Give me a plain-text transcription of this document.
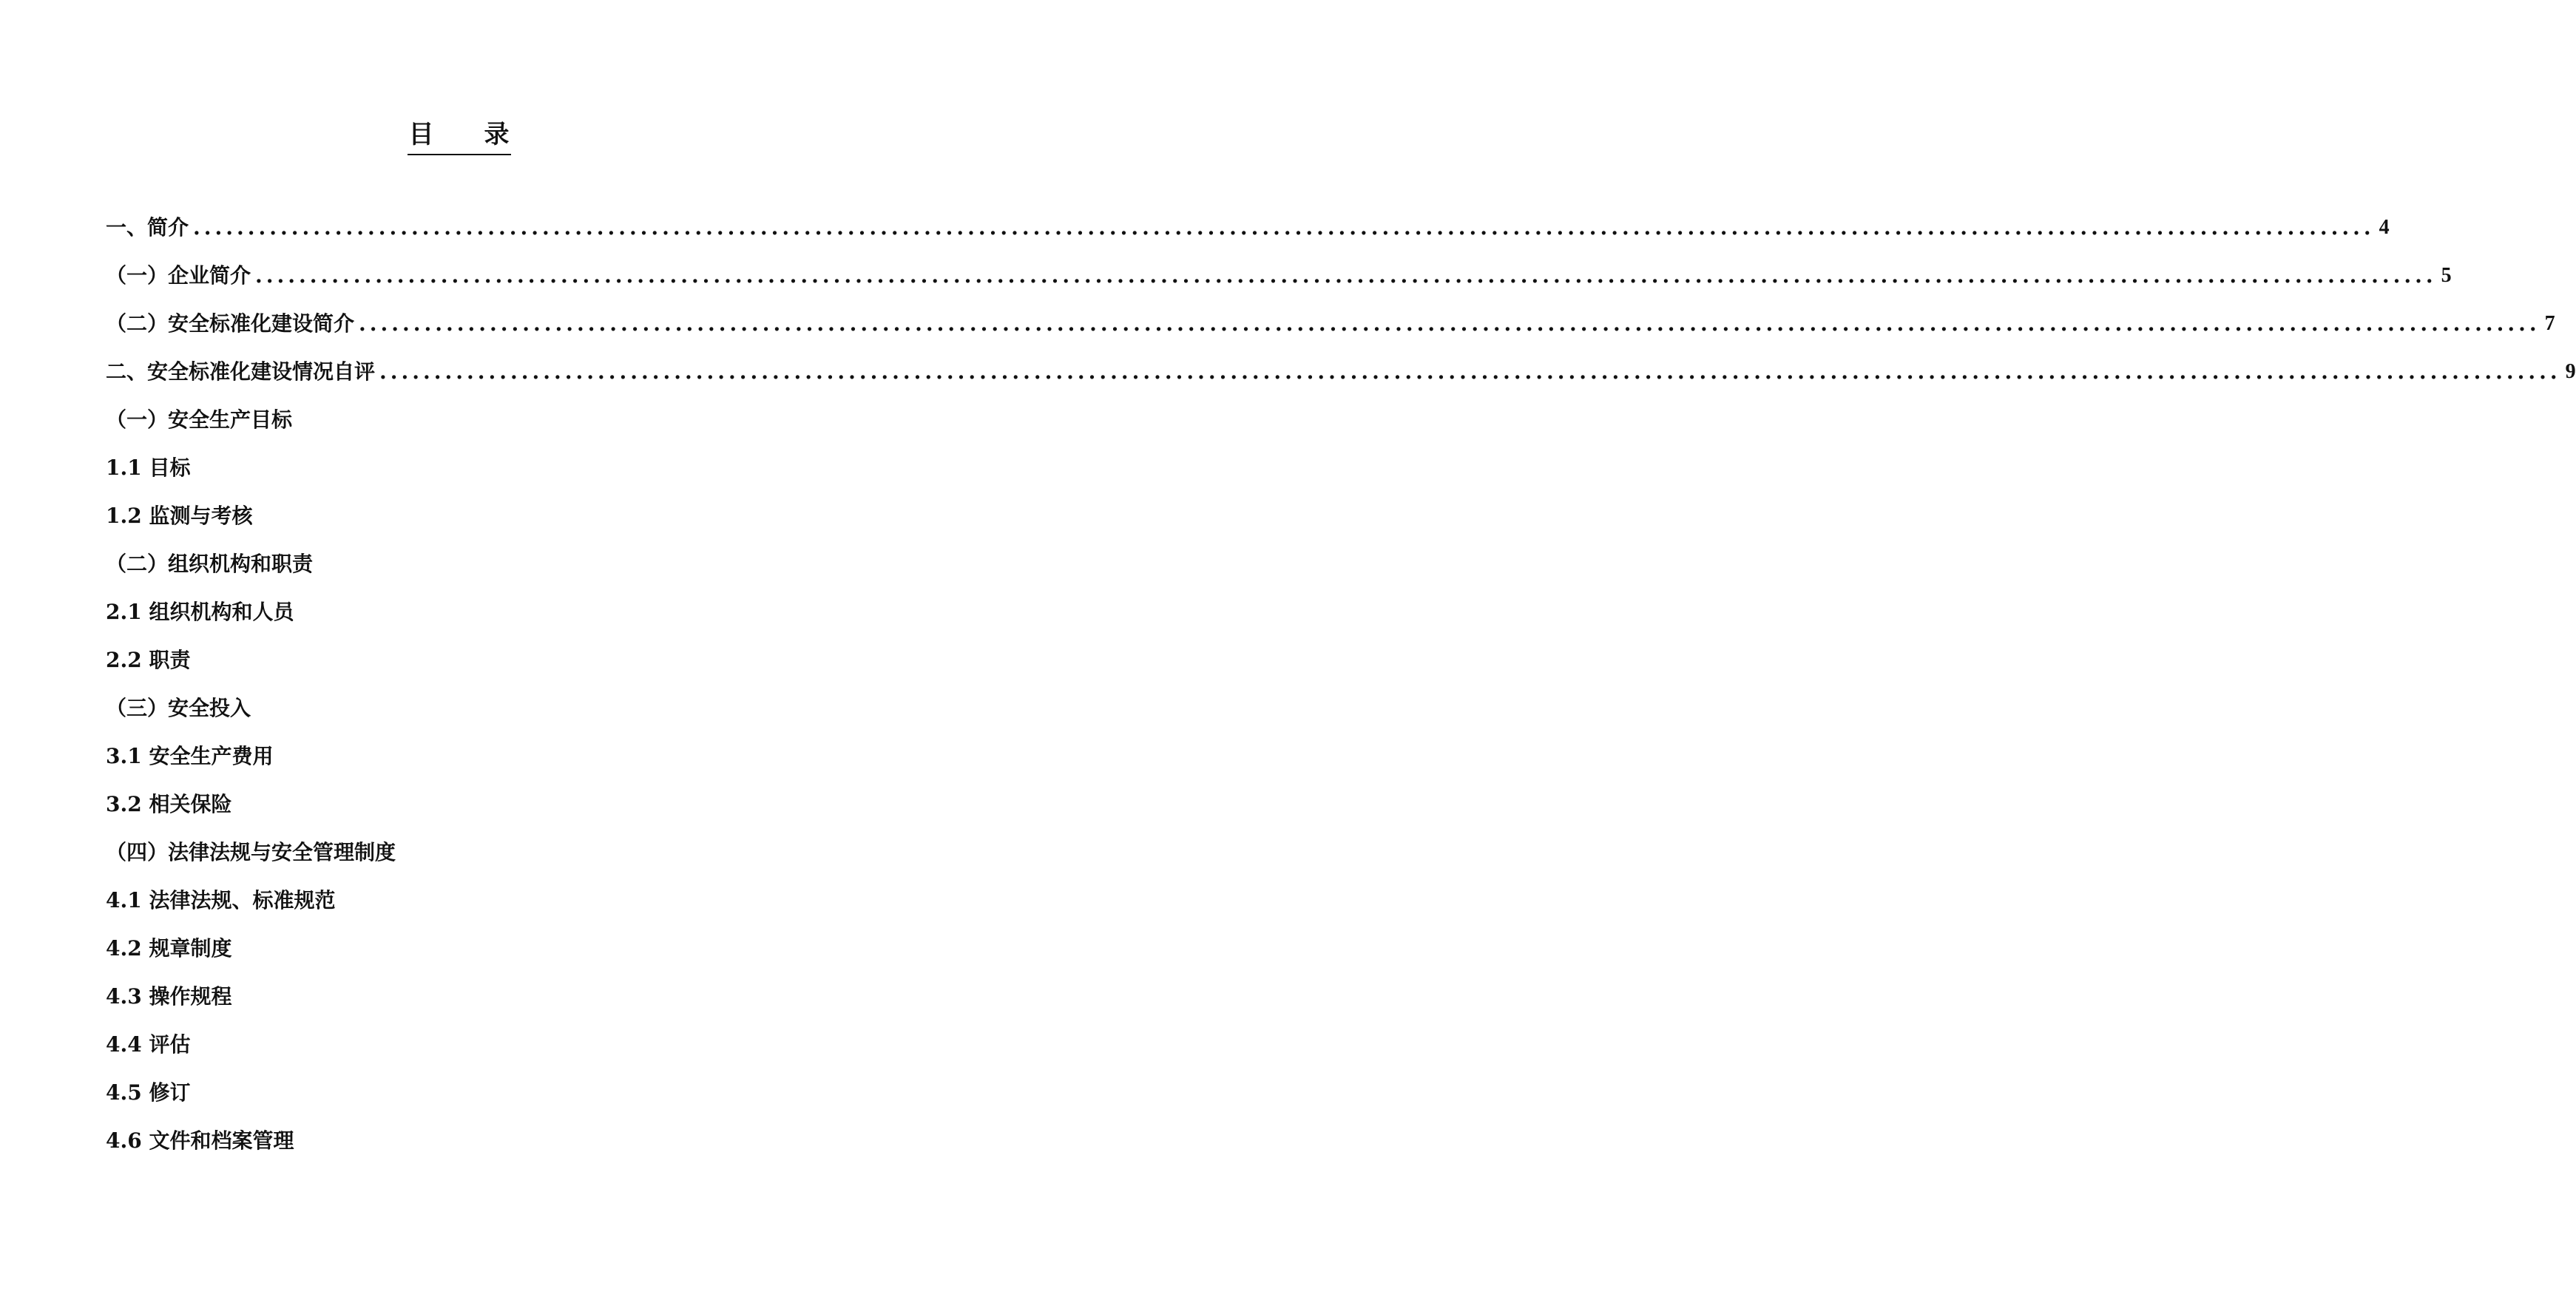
目　　录
一、简介 ........................................................................................................................................................................................................ 4
（一）企业简介 ........................................................................................................................................................................................................ 5
（二）安全标准化建设简介 ........................................................................................................................................................................................................ 7
二、安全标准化建设情况自评 ........................................................................................................................................................................................................ 9
（一）安全生产目标
1.1 目标
1.2 监测与考核
（二）组织机构和职责
2.1 组织机构和人员
2.2 职责
（三）安全投入
3.1 安全生产费用
3.2 相关保险
（四）法律法规与安全管理制度
4.1 法律法规、标准规范
4.2 规章制度
4.3 操作规程
4.4 评估
4.5 修订
4.6 文件和档案管理
